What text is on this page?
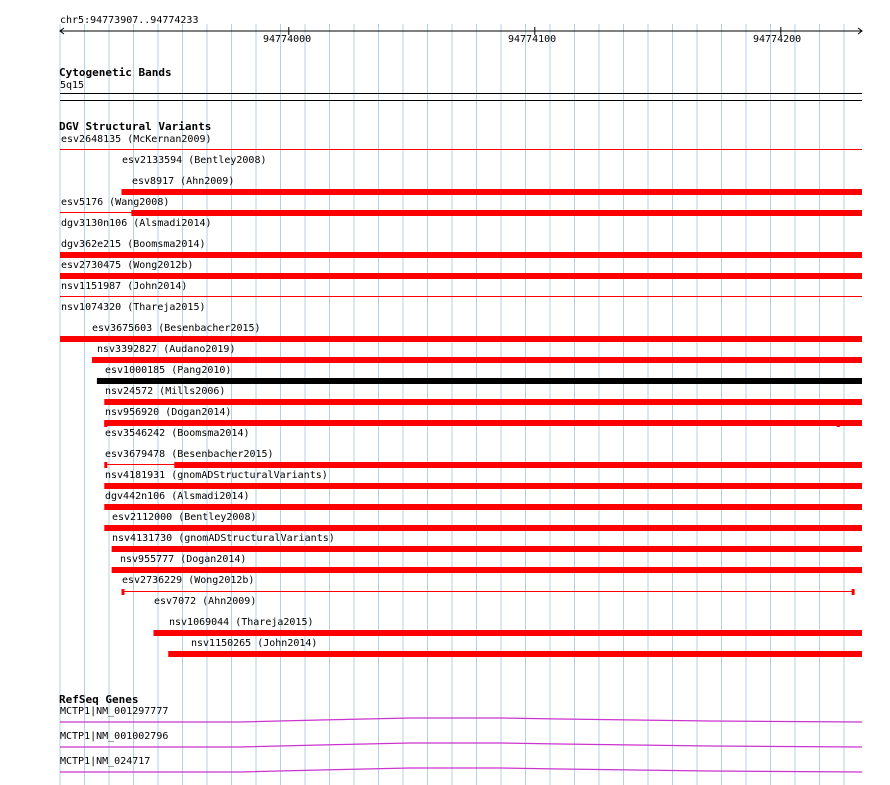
chr5:94773907..94774233
94774000	94774100	94774200
Cytogenetic Bands
5q15
DGV Structural Variants
RefSeq Genes
MCTP1|NM_001297777
MCTP1|NM_001002796
MCTP1|NM_024717
esv2648135 (McKernan2009)
esv2133594 (Bentley2008)
esv8917 (Ahn2009)
esv5176 (Wang2008)
dgv3130n106 (Alsmadi2014)
dgv362e215 (Boomsma2014)
esv2730475 (Wong2012b)
nsv1151987 (John2014)
nsv1074320 (Thareja2015)
esv3675603 (Besenbacher2015)
nsv3392827 (Audano2019)
esv1000185 (Pang2010)
nsv24572 (Mills2006)
nsv956920 (Dogan2014)
esv3546242 (Boomsma2014)
esv3679478 (Besenbacher2015)
nsv4181931 (gnomADStructuralVariants)
dgv442n106 (Alsmadi2014)
esv2112000 (Bentley2008)
nsv4131730 (gnomADStructuralVariants)
nsv955777 (Dogan2014)
esv2736229 (Wong2012b)
esv7072 (Ahn2009)
nsv1069044 (Thareja2015)
nsv1150265 (John2014)
